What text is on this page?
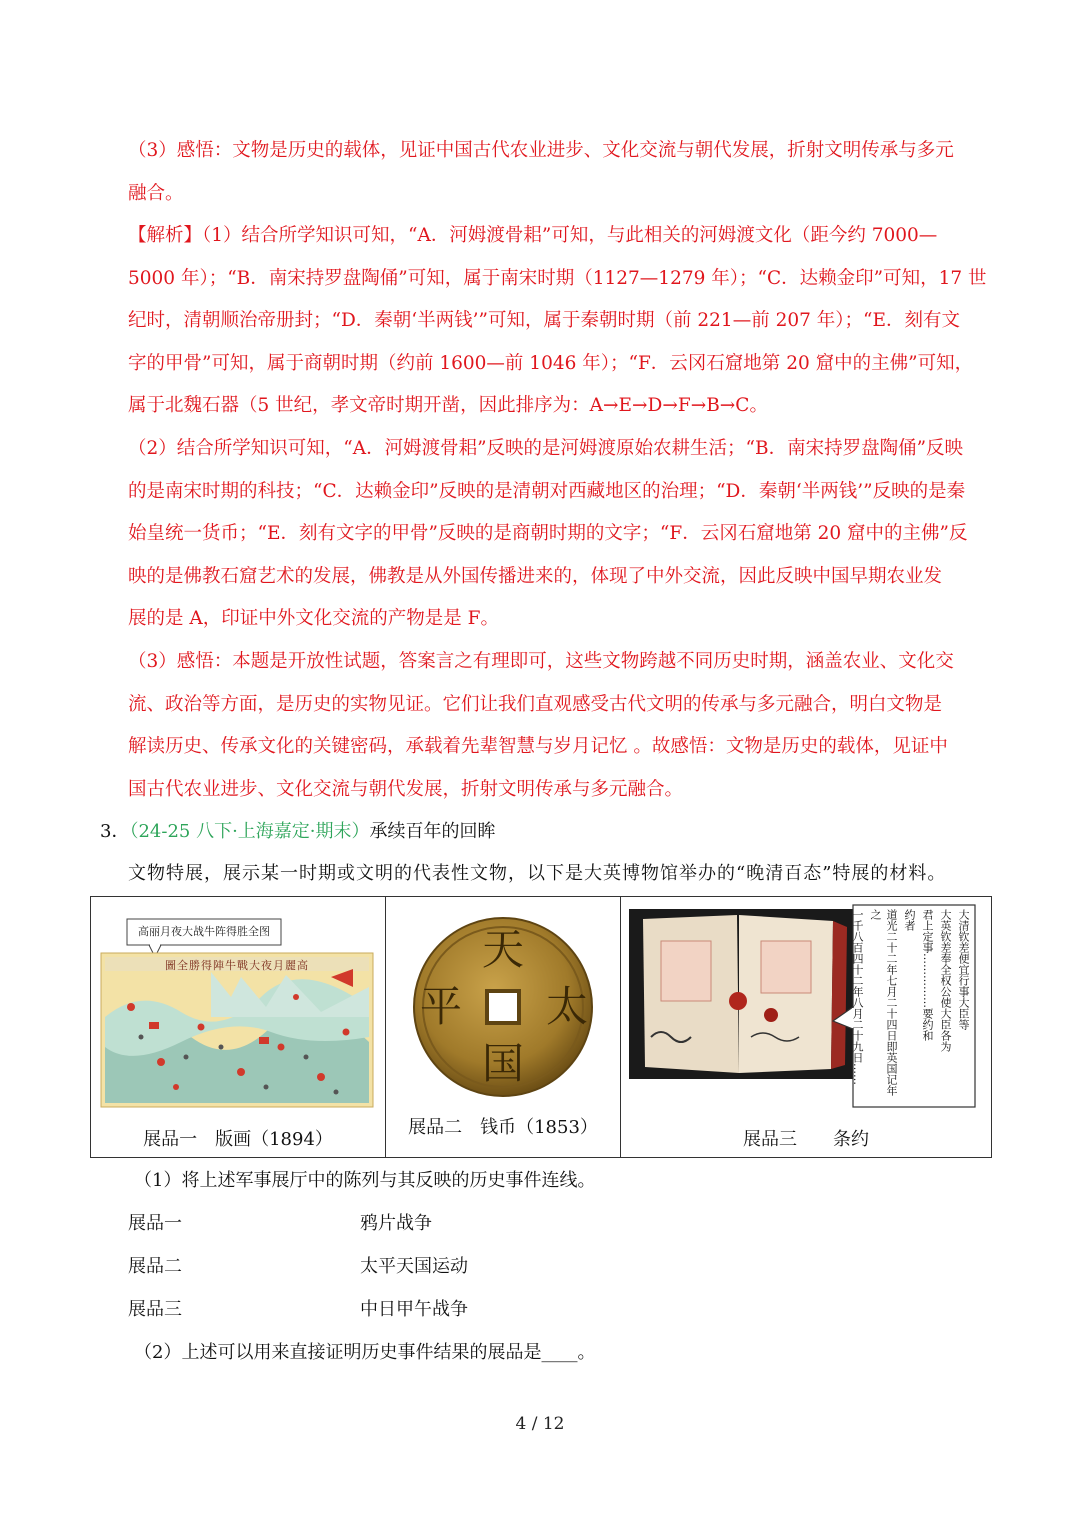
（3）感悟：文物是历史的载体，见证中国古代农业进步、文化交流与朝代发展，折射文明传承与多元
融合。
【解析】（1）结合所学知识可知，“A．河姆渡骨耜”可知，与此相关的河姆渡文化（距今约 7000—
5000 年）；“B．南宋持罗盘陶俑”可知，属于南宋时期（1127—1279 年）；“C．达赖金印”可知，17 世
纪时，清朝顺治帝册封；“D．秦朝‘半两钱’”可知，属于秦朝时期（前 221—前 207 年）；“E．刻有文
字的甲骨”可知，属于商朝时期（约前 1600—前 1046 年）；“F．云冈石窟地第 20 窟中的主佛”可知，
属于北魏石器（5 世纪，孝文帝时期开凿，因此排序为：A→E→D→F→B→C。
（2）结合所学知识可知，“A．河姆渡骨耜”反映的是河姆渡原始农耕生活；“B．南宋持罗盘陶俑”反映
的是南宋时期的科技；“C．达赖金印”反映的是清朝对西藏地区的治理；“D．秦朝‘半两钱’”反映的是秦
始皇统一货币；“E．刻有文字的甲骨”反映的是商朝时期的文字；“F．云冈石窟地第 20 窟中的主佛”反
映的是佛教石窟艺术的发展，佛教是从外国传播进来的，体现了中外交流，因此反映中国早期农业发
展的是 A，印证中外文化交流的产物是是 F。
（3）感悟：本题是开放性试题，答案言之有理即可，这些文物跨越不同历史时期，涵盖农业、文化交
流、政治等方面，是历史的实物见证。它们让我们直观感受古代文明的传承与多元融合，明白文物是
解读历史、传承文化的关键密码，承载着先辈智慧与岁月记忆 。故感悟：文物是历史的载体，见证中
国古代农业进步、文化交流与朝代发展，折射文明传承与多元融合。
3．（24-25 八下·上海嘉定·期末）承续百年的回眸
文物特展，展示某一时期或文明的代表性文物，以下是大英博物馆举办的“晚清百态”特展的材料。
高丽月夜大战牛阵得胜全图
圖全勝得陣牛戰大夜月麗高
展品一　版画（1894）
天
太
国
平
展品二　钱币（1853）
大清钦差便宜行事大臣等
大英钦差奉全权公使大臣各为
君上定事……………要约和
约者
道光二十二年七月二十四日即英国记年之
一千八百四十二年八月二十九日……
展品三　　条约
（1）将上述军事展厅中的陈列与其反映的历史事件连线。
展品一	鸦片战争
展品二	太平天国运动
展品三	中日甲午战争
（2）上述可以用来直接证明历史事件结果的展品是____。
4 / 12
